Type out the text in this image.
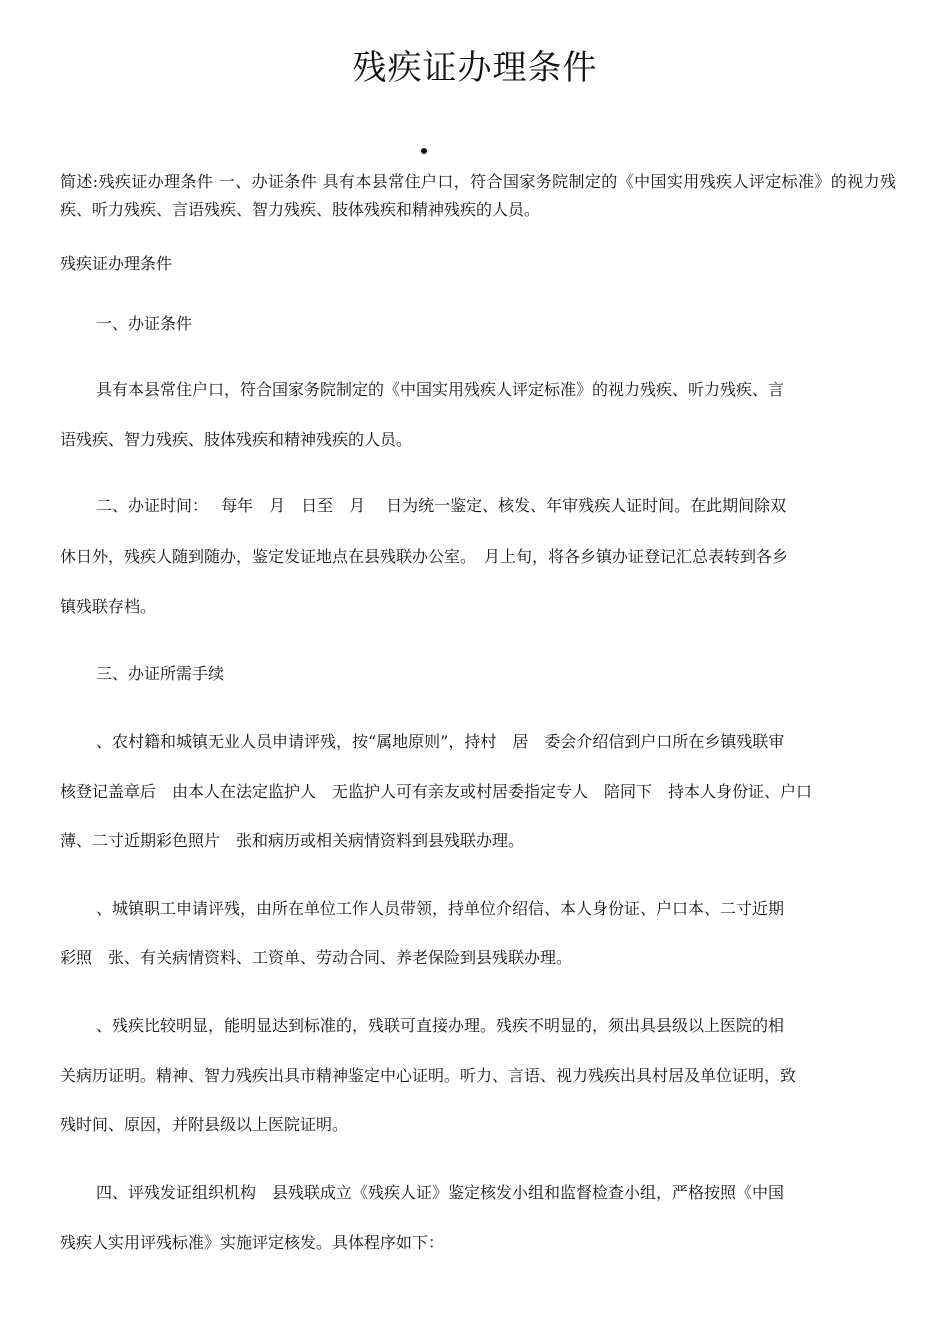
残疾证办理条件
简述:残疾证办理条件 一、办证条件 具有本县常住户口，符合国家务院制定的《中国实用残疾人评定标准》的视力残疾、听力残疾、言语残疾、智力残疾、肢体残疾和精神残疾的人员。
残疾证办理条件
一、办证条件
具有本县常住户口，符合国家务院制定的《中国实用残疾人评定标准》的视力残疾、听力残疾、言
语残疾、智力残疾、肢体残疾和精神残疾的人员。
二、办证时间：　 每年　月　日至　月　 日为统一鉴定、核发、年审残疾人证时间。在此期间除双
休日外，残疾人随到随办，鉴定发证地点在县残联办公室。　月上旬，将各乡镇办证登记汇总表转到各乡
镇残联存档。
三、办证所需手续
、农村籍和城镇无业人员申请评残，按“属地原则”，持村　居　委会介绍信到户口所在乡镇残联审
核登记盖章后　由本人在法定监护人　无监护人可有亲友或村居委指定专人　陪同下　持本人身份证、户口
薄、二寸近期彩色照片　张和病历或相关病情资料到县残联办理。
、城镇职工申请评残，由所在单位工作人员带领，持单位介绍信、本人身份证、户口本、二寸近期
彩照　张、有关病情资料、工资单、劳动合同、养老保险到县残联办理。
、残疾比较明显，能明显达到标准的，残联可直接办理。残疾不明显的，须出具县级以上医院的相
关病历证明。精神、智力残疾出具市精神鉴定中心证明。听力、言语、视力残疾出具村居及单位证明，致
残时间、原因，并附县级以上医院证明。
四、评残发证组织机构　县残联成立《残疾人证》鉴定核发小组和监督检查小组，严格按照《中国
残疾人实用评残标准》实施评定核发。具体程序如下：
